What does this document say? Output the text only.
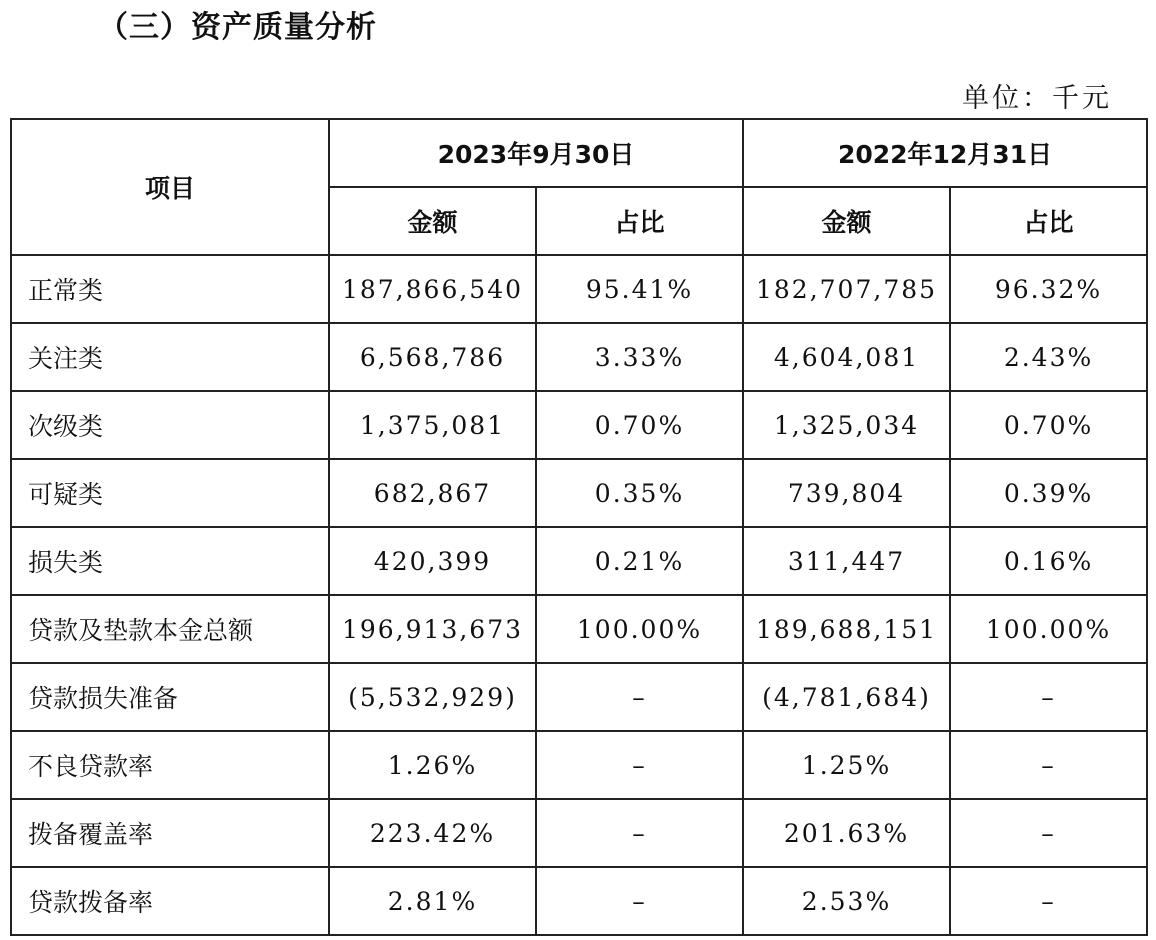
（三）资产质量分析
单位：千元
项目	2023年9月30日		2022年12月31日	
	金额	占比	金额	占比
正常类	187,866,540	95.41%	182,707,785	96.32%
关注类	6,568,786	3.33%	4,604,081	2.43%
次级类	1,375,081	0.70%	1,325,034	0.70%
可疑类	682,867	0.35%	739,804	0.39%
损失类	420,399	0.21%	311,447	0.16%
贷款及垫款本金总额	196,913,673	100.00%	189,688,151	100.00%
贷款损失准备	(5,532,929)	–	(4,781,684)	–
不良贷款率	1.26%	–	1.25%	–
拨备覆盖率	223.42%	–	201.63%	–
贷款拨备率	2.81%	–	2.53%	–
